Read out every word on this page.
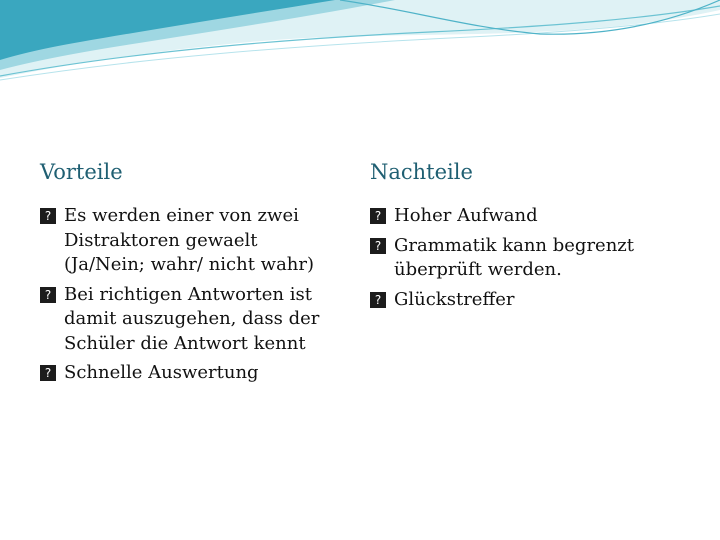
Vorteile
? Es werden einer von zwei Distraktoren gewaelt (Ja/Nein; wahr/ nicht wahr)
? Bei richtigen Antworten ist damit auszugehen, dass der Schüler die Antwort kennt
? Schnelle Auswertung
Nachteile
? Hoher Aufwand
? Grammatik kann begrenzt überprüft werden.
? Glückstreffer
